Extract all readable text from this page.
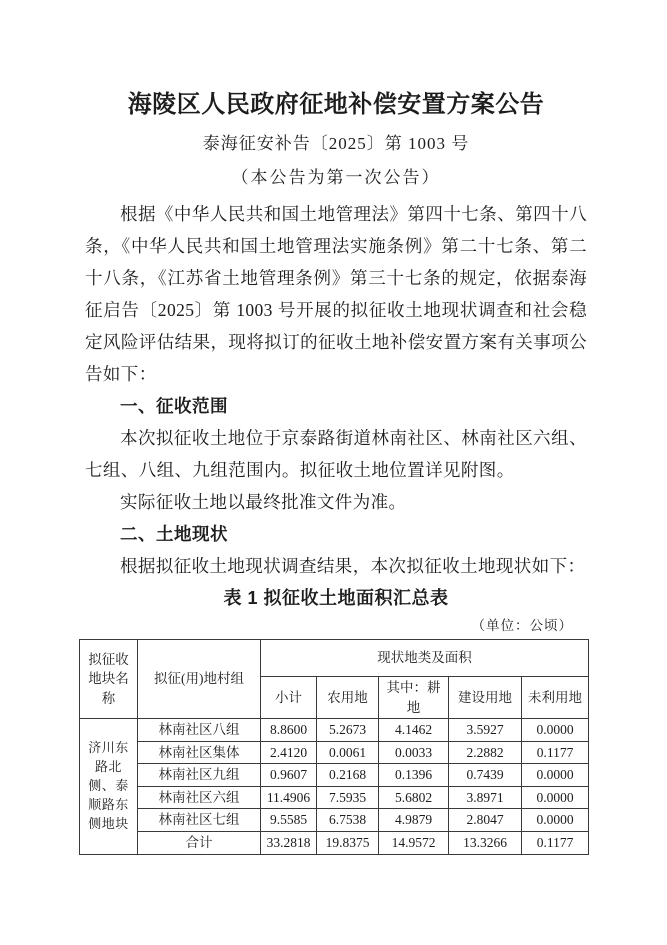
海陵区人民政府征地补偿安置方案公告
泰海征安补告〔2025〕第 1003 号
（本公告为第一次公告）

根据《中华人民共和国土地管理法》第四十七条、第四十八条，《中华人民共和国土地管理法实施条例》第二十七条、第二十八条，《江苏省土地管理条例》第三十七条的规定，依据泰海征启告〔2025〕第 1003 号开展的拟征收土地现状调查和社会稳定风险评估结果，现将拟订的征收土地补偿安置方案有关事项公告如下：

一、征收范围

本次拟征收土地位于京泰路街道林南社区、林南社区六组、七组、八组、九组范围内。拟征收土地位置详见附图。

实际征收土地以最终批准文件为准。

二、土地现状

根据拟征收土地现状调查结果，本次拟征收土地现状如下：

表 1 拟征收土地面积汇总表
（单位：公顷）
拟征收地块名称	拟征(用)地村组	现状地类及面积				
		小计	农用地	其中：耕地	建设用地	未利用地
济川东路北侧、泰顺路东侧地块	林南社区八组	8.8600	5.2673	4.1462	3.5927	0.0000
	林南社区集体	2.4120	0.0061	0.0033	2.2882	0.1177
	林南社区九组	0.9607	0.2168	0.1396	0.7439	0.0000
	林南社区六组	11.4906	7.5935	5.6802	3.8971	0.0000
	林南社区七组	9.5585	6.7538	4.9879	2.8047	0.0000
	合计	33.2818	19.8375	14.9572	13.3266	0.1177
